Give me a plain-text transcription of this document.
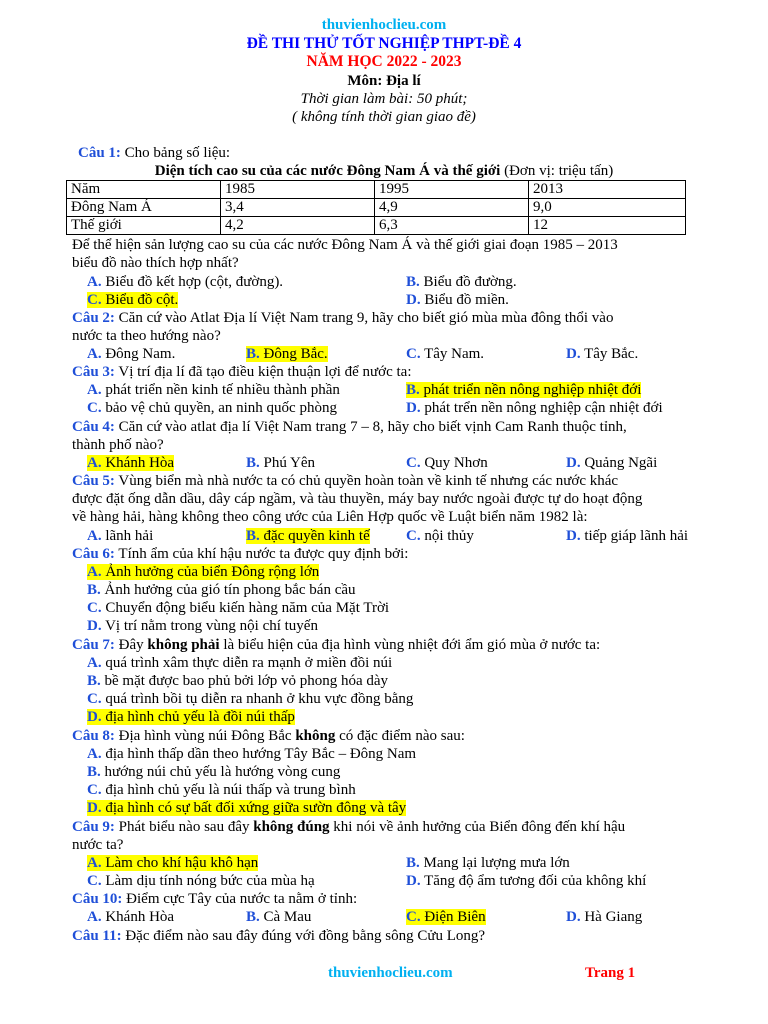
thuvienhoclieu.com
ĐỀ THI THỬ TỐT NGHIỆP THPT-ĐỀ 4
NĂM HỌC 2022 - 2023
Môn: Địa lí
Thời gian làm bài: 50 phút;
( không tính thời gian giao đề)
Câu 1: Cho bảng số liệu:
Diện tích cao su của các nước Đông Nam Á và thế giới (Đơn vị: triệu tấn)
Năm	1985	1995	2013
Đông Nam Á	3,4	4,9	9,0
Thế giới	4,2	6,3	12
Để thể hiện sản lượng cao su của các nước Đông Nam Á và thế giới giai đoạn 1985 – 2013
biểu đồ nào thích hợp nhất?
A. Biểu đồ kết hợp (cột, đường).	B. Biểu đồ đường.
C. Biểu đồ cột.	D. Biểu đồ miền.
Câu 2: Căn cứ vào Atlat Địa lí Việt Nam trang 9, hãy cho biết gió mùa mùa đông thổi vào
nước ta theo hướng nào?
A. Đông Nam.	B. Đông Bắc.	C. Tây Nam.	D. Tây Bắc.
Câu 3: Vị trí địa lí đã tạo điều kiện thuận lợi để nước ta:
A. phát triển nền kinh tế nhiều thành phần	B. phát triển nền nông nghiệp nhiệt đới
C. bảo vệ chủ quyền, an ninh quốc phòng	D. phát trển nền nông nghiệp cận nhiệt đới
Câu 4: Căn cứ vào atlat địa lí Việt Nam trang 7 – 8, hãy cho biết vịnh Cam Ranh thuộc tỉnh,
thành phố nào?
A. Khánh Hòa	B. Phú Yên	C. Quy Nhơn	D. Quảng Ngãi
Câu 5: Vùng biển mà nhà nước ta có chủ quyền hoàn toàn về kinh tế nhưng các nước khác
được đặt ống dẫn dầu, dây cáp ngầm, và tàu thuyền, máy bay nước ngoài được tự do hoạt động
về hàng hải, hàng không theo công ước của Liên Hợp quốc về Luật biển năm 1982 là:
A. lãnh hải	B. đặc quyền kinh tế C. nội thủy	D. tiếp giáp lãnh hải
Câu 6: Tính ẩm của khí hậu nước ta được quy định bởi:
A. Ảnh hưởng của biển Đông rộng lớn
B. Ảnh hưởng của gió tín phong bắc bán cầu
C. Chuyển động biểu kiến hàng năm của Mặt Trời
D. Vị trí nằm trong vùng nội chí tuyến
Câu 7: Đây không phải là biểu hiện của địa hình vùng nhiệt đới ẩm gió mùa ở nước ta:
A. quá trình xâm thực diễn ra mạnh ở miền đồi núi
B. bề mặt được bao phủ bởi lớp vỏ phong hóa dày
C. quá trình bồi tụ diễn ra nhanh ở khu vực đồng bằng
D. địa hình chủ yếu là đồi núi thấp
Câu 8: Địa hình vùng núi Đông Bắc không có đặc điểm nào sau:
A. địa hình thấp dần theo hướng Tây Bắc – Đông Nam
B. hướng núi chủ yếu là hướng vòng cung
C. địa hình chủ yếu là núi thấp và trung bình
D. địa hình có sự bất đối xứng giữa sườn đông và tây
Câu 9: Phát biểu nào sau đây không đúng khi nói về ảnh hưởng của Biển đông đến khí hậu
nước ta?
A. Làm cho khí hậu khô hạn	B. Mang lại lượng mưa lớn
C. Làm dịu tính nóng bức của mùa hạ	D. Tăng độ ẩm tương đối của không khí
Câu 10: Điểm cực Tây của nước ta nằm ở tỉnh:
A. Khánh Hòa	B. Cà Mau	C. Điện Biên	D. Hà Giang
Câu 11: Đặc điểm nào sau đây đúng với đồng bằng sông Cửu Long?
thuvienhoclieu.com	Trang 1
